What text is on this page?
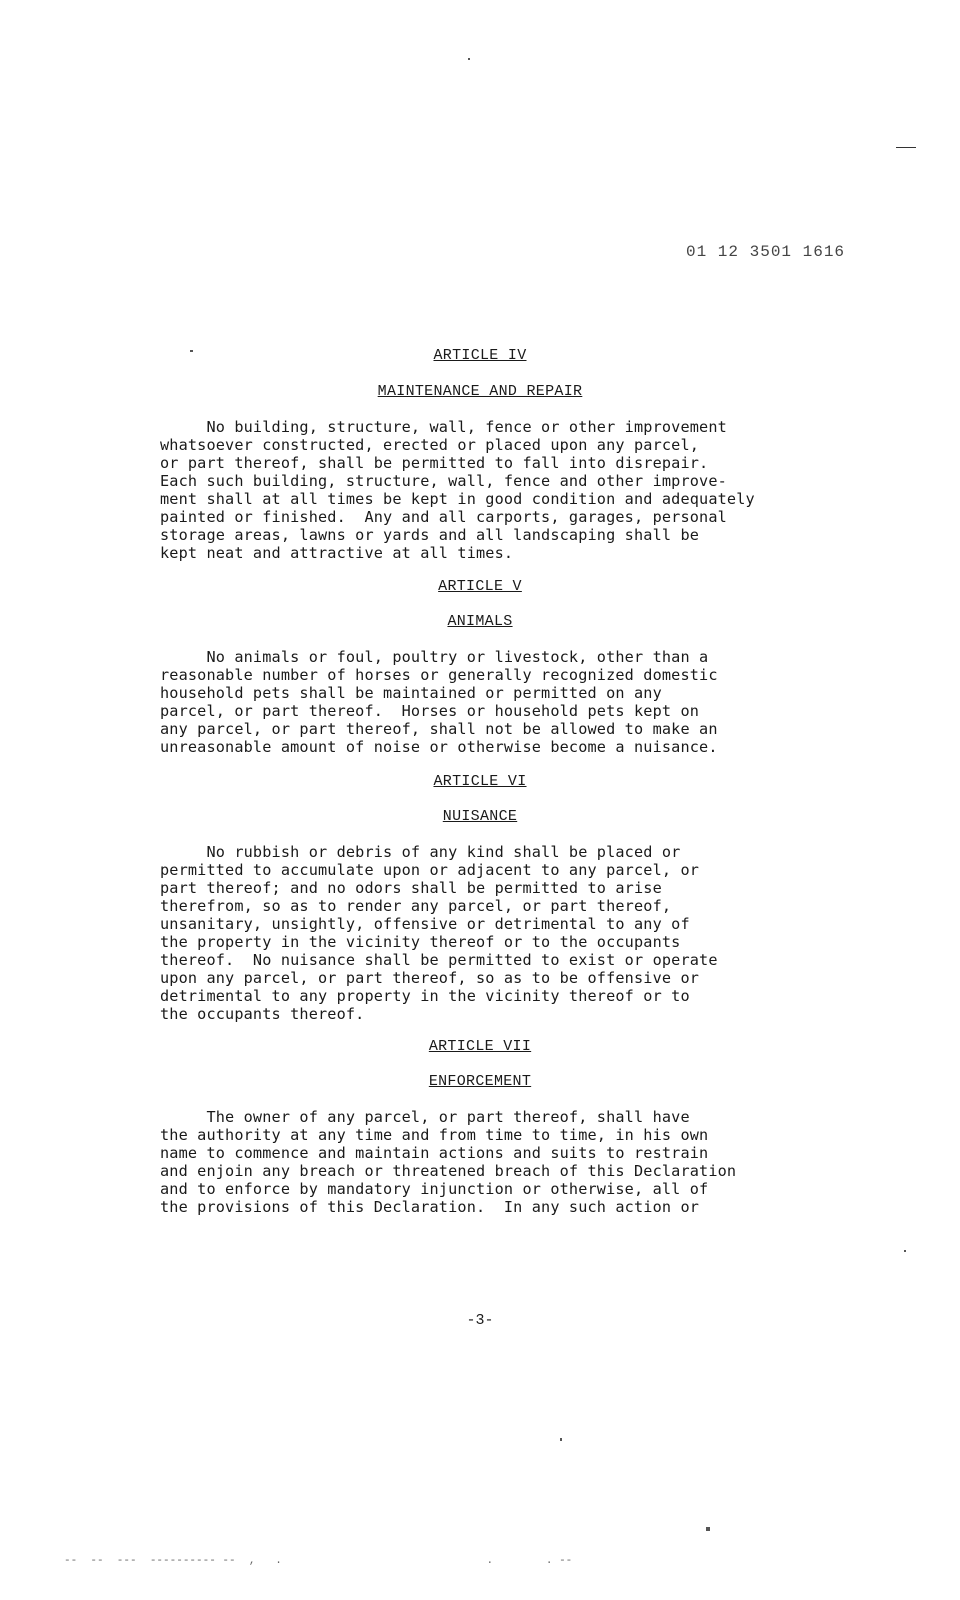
01 12 3501 1616
ARTICLE IV
MAINTENANCE AND REPAIR
No building, structure, wall, fence or other improvement
whatsoever constructed, erected or placed upon any parcel,
or part thereof, shall be permitted to fall into disrepair.
Each such building, structure, wall, fence and other improve-
ment shall at all times be kept in good condition and adequately
painted or finished.  Any and all carports, garages, personal
storage areas, lawns or yards and all landscaping shall be
kept neat and attractive at all times.
ARTICLE V
ANIMALS
No animals or foul, poultry or livestock, other than a
reasonable number of horses or generally recognized domestic
household pets shall be maintained or permitted on any
parcel, or part thereof.  Horses or household pets kept on
any parcel, or part thereof, shall not be allowed to make an
unreasonable amount of noise or otherwise become a nuisance.
ARTICLE VI
NUISANCE
No rubbish or debris of any kind shall be placed or
permitted to accumulate upon or adjacent to any parcel, or
part thereof; and no odors shall be permitted to arise
therefrom, so as to render any parcel, or part thereof,
unsanitary, unsightly, offensive or detrimental to any of
the property in the vicinity thereof or to the occupants
thereof.  No nuisance shall be permitted to exist or operate
upon any parcel, or part thereof, so as to be offensive or
detrimental to any property in the vicinity thereof or to
the occupants thereof.
ARTICLE VII
ENFORCEMENT
The owner of any parcel, or part thereof, shall have
the authority at any time and from time to time, in his own
name to commence and maintain actions and suits to restrain
and enjoin any breach or threatened breach of this Declaration
and to enforce by mandatory injunction or otherwise, all of
the provisions of this Declaration.  In any such action or
-3-
--  --  ---  ---------- --  ,   .                               .        . --
